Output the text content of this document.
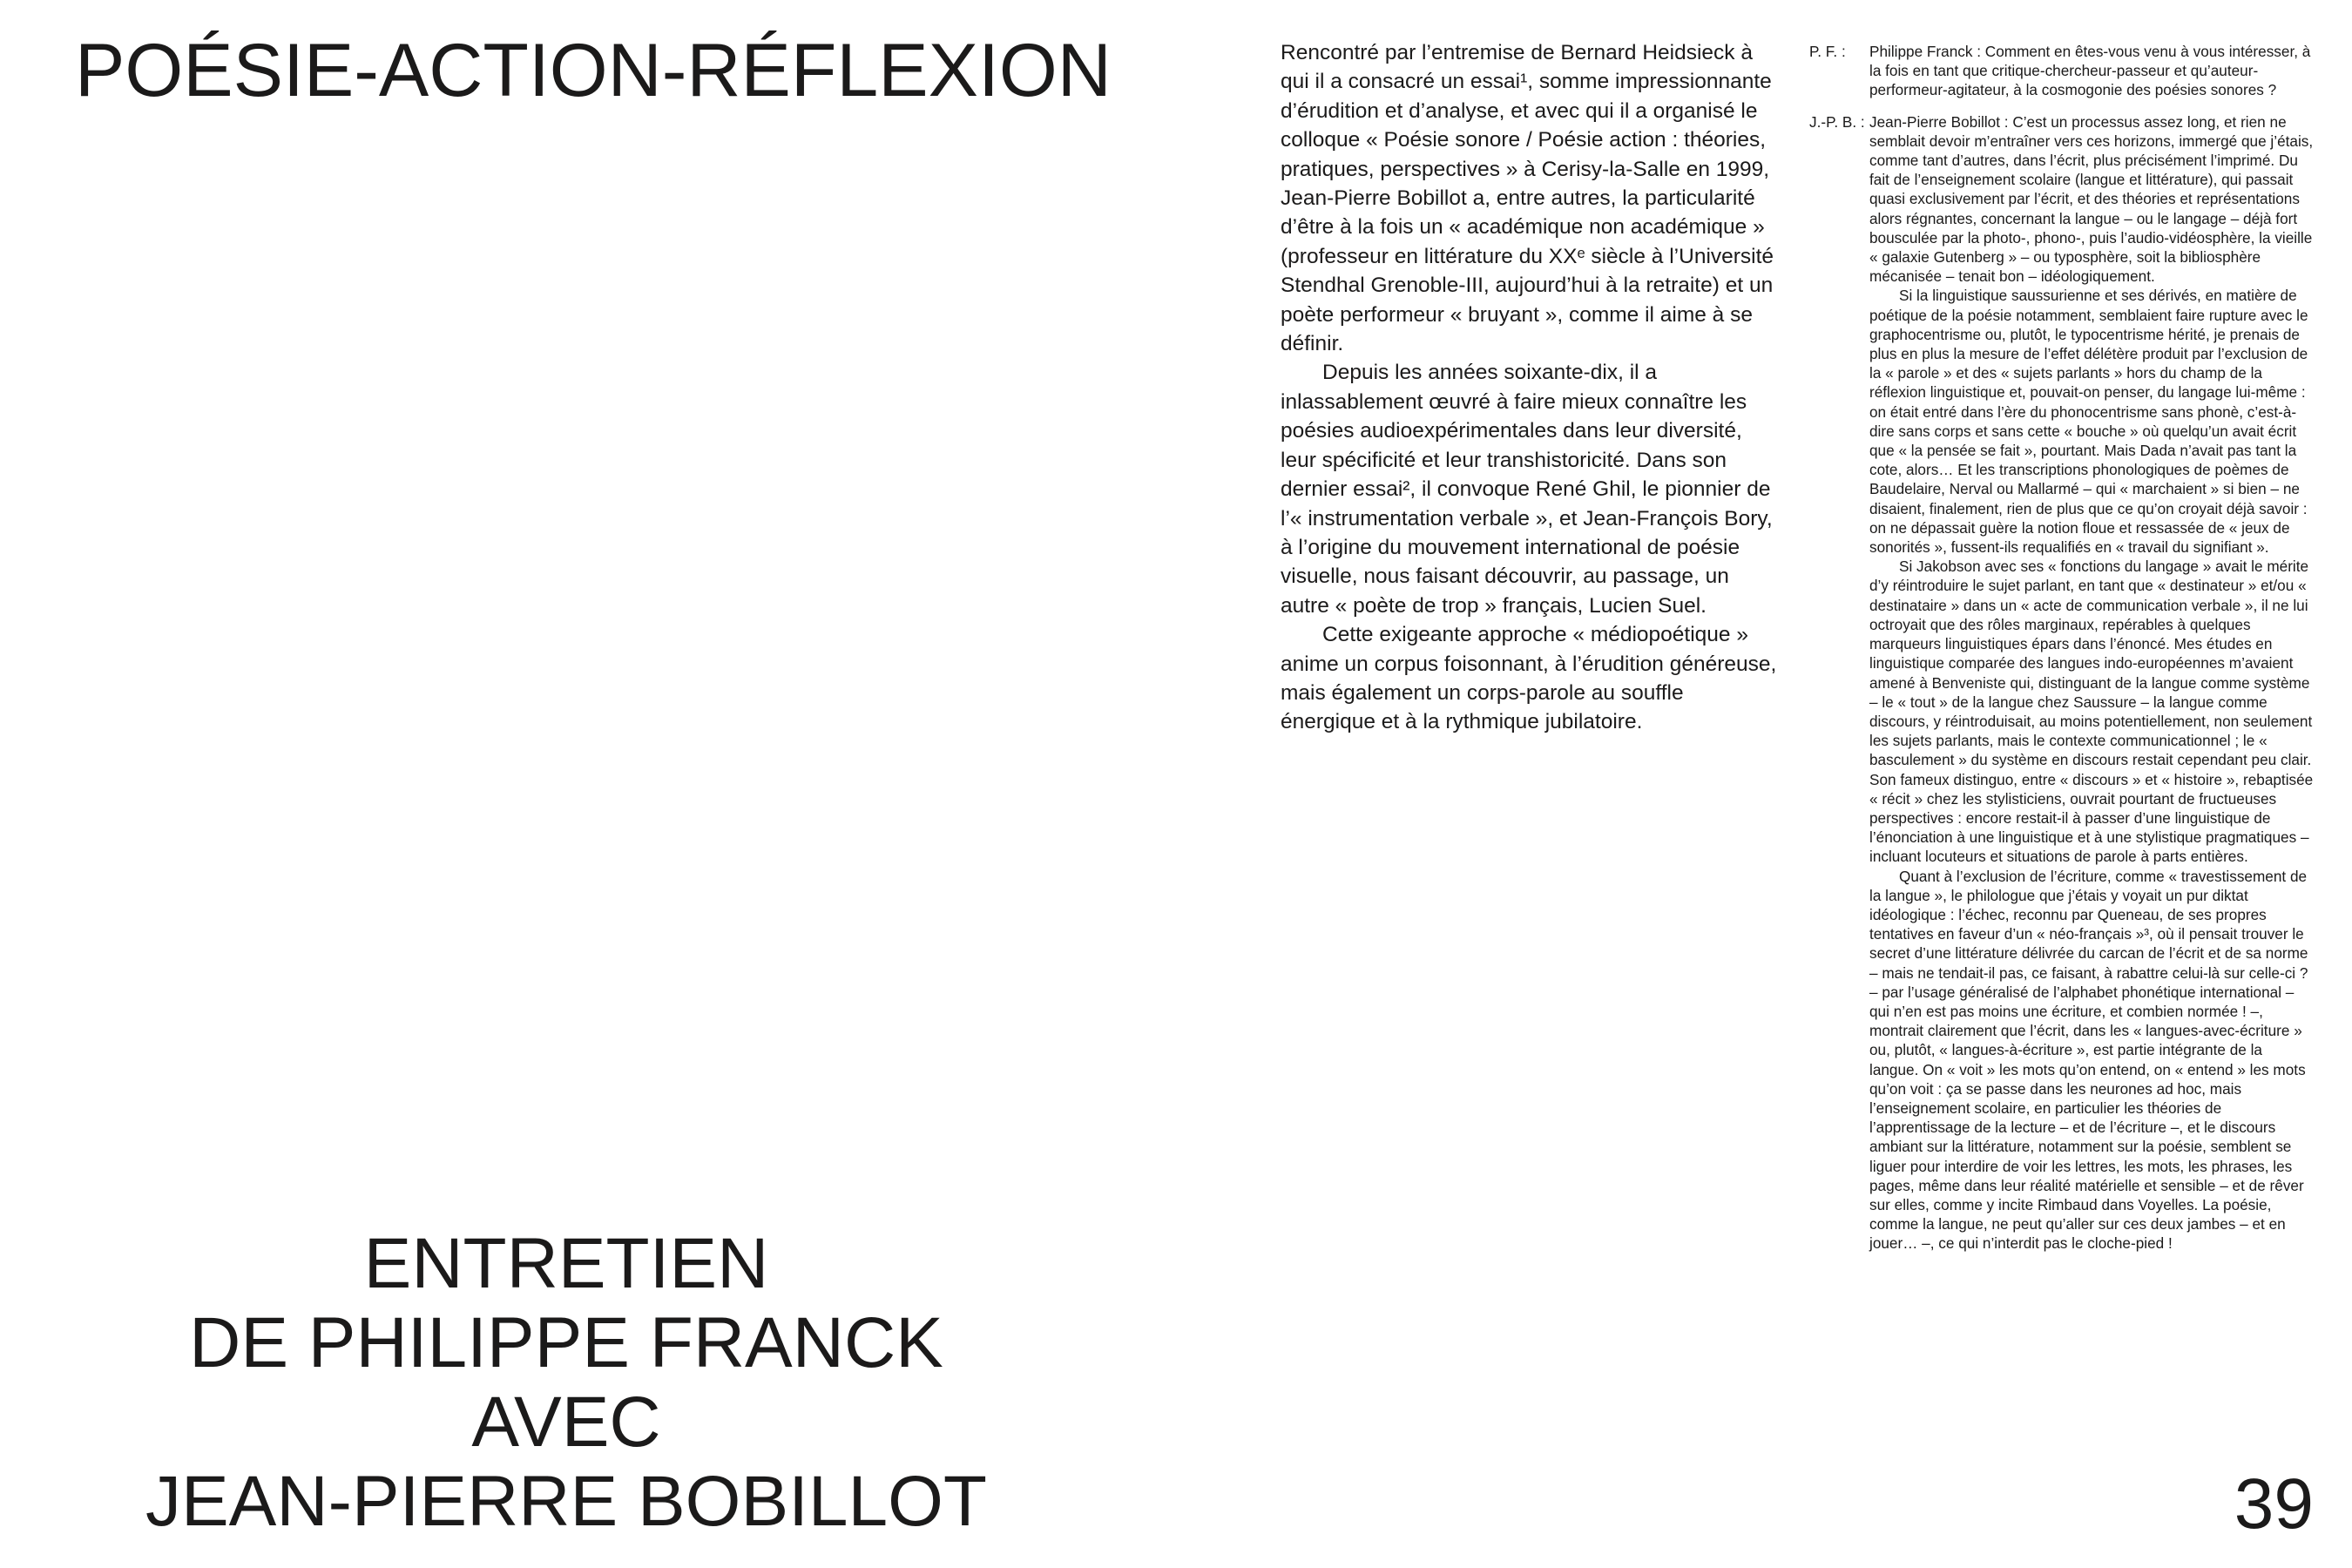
POÉSIE-ACTION-RÉFLEXION
ENTRETIEN
DE PHILIPPE FRANCK
AVEC
JEAN-PIERRE BOBILLOT

Rencontré par l’entremise de Bernard Heidsieck à qui il a consacré un essai¹, somme impressionnante d’érudition et d’analyse, et avec qui il a organisé le colloque « Poésie sonore / Poésie action : théories, pratiques, perspectives » à Cerisy-la-Salle en 1999, Jean-Pierre Bobillot a, entre autres, la particularité d’être à la fois un « académique non académique » (professeur en littérature du XXᵉ siècle à l’Université Stendhal Grenoble-III, aujourd’hui à la retraite) et un poète performeur « bruyant », comme il aime à se définir.

Depuis les années soixante-dix, il a inlassablement œuvré à faire mieux connaître les poésies audioexpérimentales dans leur diversité, leur spécificité et leur transhistoricité. Dans son dernier essai², il convoque René Ghil, le pionnier de l’« instrumentation verbale », et Jean-François Bory, à l’origine du mouvement international de poésie visuelle, nous faisant découvrir, au passage, un autre « poète de trop » français, Lucien Suel.

Cette exigeante approche « médiopoétique » anime un corpus foisonnant, à l’érudition généreuse, mais également un corps-parole au souffle énergique et à la rythmique jubilatoire.

P. F. :	Philippe Franck : Comment en êtes-vous venu à vous intéresser, à la fois en tant que critique-chercheur-passeur et qu’auteur-performeur-agitateur, à la cosmogonie des poésies sonores ?

J.-P. B. : Jean-Pierre Bobillot : C’est un processus assez long, et rien ne semblait devoir m’entraîner vers ces horizons, immergé que j’étais, comme tant d’autres, dans l’écrit, plus précisément l’imprimé. Du fait de l’enseignement scolaire (langue et littérature), qui passait quasi exclusivement par l’écrit, et des théories et représentations alors régnantes, concernant la langue – ou le langage – déjà fort bousculée par la photo-, phono-, puis l’audio-vidéosphère, la vieille « galaxie Gutenberg » – ou typosphère, soit la bibliosphère mécanisée – tenait bon – idéologiquement.

Si la linguistique saussurienne et ses dérivés, en matière de poétique de la poésie notamment, semblaient faire rupture avec le graphocentrisme ou, plutôt, le typocentrisme hérité, je prenais de plus en plus la mesure de l’effet délétère produit par l’exclusion de la « parole » et des « sujets parlants » hors du champ de la réflexion linguistique et, pouvait-on penser, du langage lui-même : on était entré dans l’ère du phonocentrisme sans phonè, c’est-à-dire sans corps et sans cette « bouche » où quelqu’un avait écrit que « la pensée se fait », pourtant. Mais Dada n’avait pas tant la cote, alors… Et les transcriptions phonologiques de poèmes de Baudelaire, Nerval ou Mallarmé – qui « marchaient » si bien – ne disaient, finalement, rien de plus que ce qu’on croyait déjà savoir : on ne dépassait guère la notion floue et ressassée de « jeux de sonorités », fussent-ils requalifiés en « travail du signifiant ».

Si Jakobson avec ses « fonctions du langage » avait le mérite d’y réintroduire le sujet parlant, en tant que « destinateur » et/ou « destinataire » dans un « acte de communication verbale », il ne lui octroyait que des rôles marginaux, repérables à quelques marqueurs linguistiques épars dans l’énoncé. Mes études en linguistique comparée des langues indo-européennes m’avaient amené à Benveniste qui, distinguant de la langue comme système – le « tout » de la langue chez Saussure – la langue comme discours, y réintroduisait, au moins potentiellement, non seulement les sujets parlants, mais le contexte communicationnel ; le « basculement » du système en discours restait cependant peu clair. Son fameux distinguo, entre « discours » et « histoire », rebaptisée « récit » chez les stylisticiens, ouvrait pourtant de fructueuses perspectives : encore restait-il à passer d’une linguistique de l’énonciation à une linguistique et à une stylistique pragmatiques – incluant locuteurs et situations de parole à parts entières.

Quant à l’exclusion de l’écriture, comme « travestissement de la langue », le philologue que j’étais y voyait un pur diktat idéologique : l’échec, reconnu par Queneau, de ses propres tentatives en faveur d’un « néo-français »³, où il pensait trouver le secret d’une littérature délivrée du carcan de l’écrit et de sa norme – mais ne tendait-il pas, ce faisant, à rabattre celui-là sur celle-ci ? – par l’usage généralisé de l’alphabet phonétique international – qui n’en est pas moins une écriture, et combien normée ! –, montrait clairement que l’écrit, dans les « langues-avec-écriture » ou, plutôt, « langues-à-écriture », est partie intégrante de la langue. On « voit » les mots qu’on entend, on « entend » les mots qu’on voit : ça se passe dans les neurones ad hoc, mais l’enseignement scolaire, en particulier les théories de l’apprentissage de la lecture – et de l’écriture –, et le discours ambiant sur la littérature, notamment sur la poésie, semblent se liguer pour interdire de voir les lettres, les mots, les phrases, les pages, même dans leur réalité matérielle et sensible – et de rêver sur elles, comme y incite Rimbaud dans Voyelles. La poésie, comme la langue, ne peut qu’aller sur ces deux jambes – et en jouer… –, ce qui n’interdit pas le cloche-pied !

39
